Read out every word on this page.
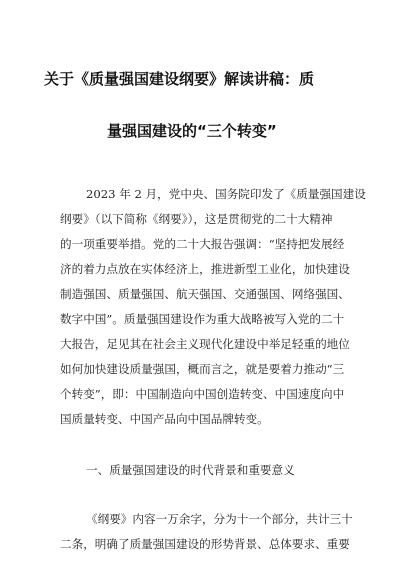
关于《质量强国建设纲要》解读讲稿：质
量强国建设的“三个转变”
2023 年 2 月，党中央、国务院印发了《质量强国建设
纲要》（以下简称《纲要》），这是贯彻党的二十大精神
的一项重要举措。党的二十大报告强调：“坚持把发展经
济的着力点放在实体经济上，推进新型工业化，加快建设
制造强国、质量强国、航天强国、交通强国、网络强国、
数字中国”。质量强国建设作为重大战略被写入党的二十
大报告，足见其在社会主义现代化建设中举足轻重的地位
如何加快建设质量强国，概而言之，就是要着力推动“三
个转变”，即：中国制造向中国创造转变、中国速度向中
国质量转变、中国产品向中国品牌转变。
一、质量强国建设的时代背景和重要意义
《纲要》内容一万余字，分为十一个部分，共计三十
二条，明确了质量强国建设的形势背景、总体要求、重要
